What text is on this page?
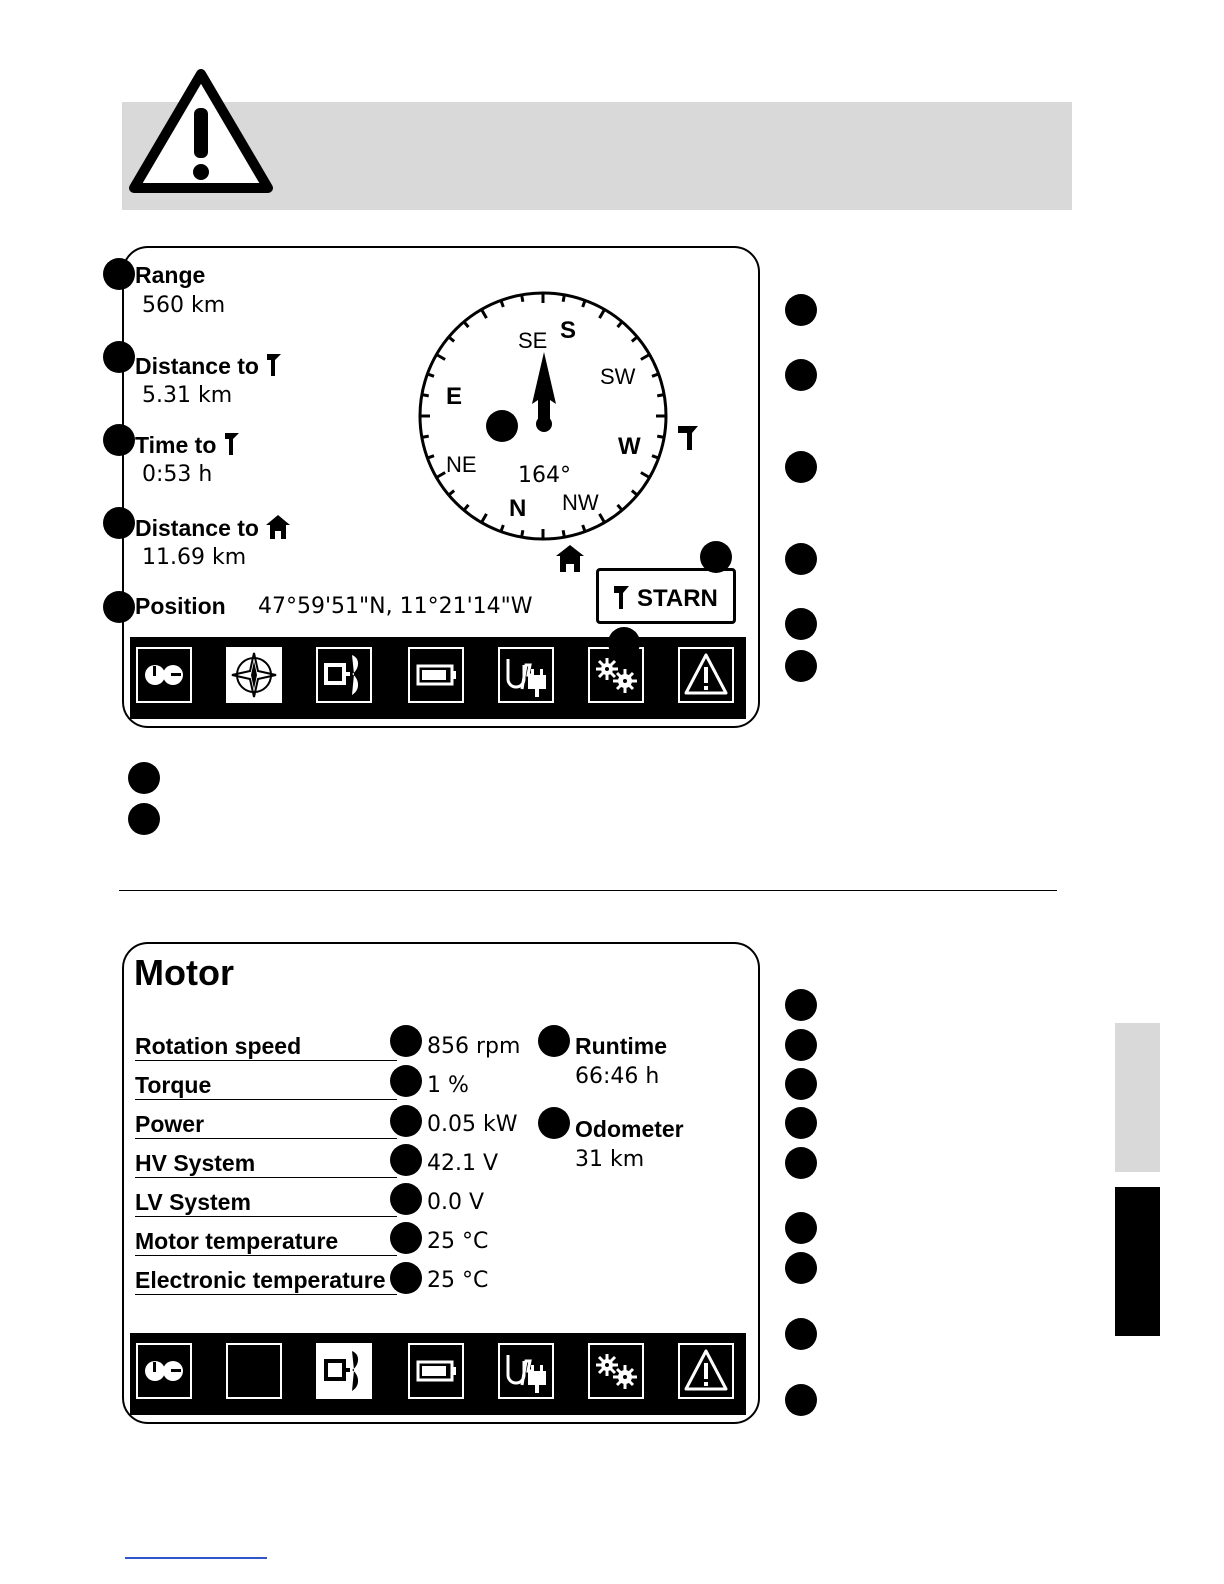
Range
560 km
Distance to
5.31 km
Time to
0:53 h
Distance to
11.69 km
Position 47°59'51"N, 11°21'14"W
SE S
SW
E
W
NE
NW
N
164°
STARN
Motor
Rotation speed	856 rpm
Torque	1 %
Power	0.05 kW
HV System	42.1 V
LV System	0.0 V
Motor temperature	25 °C
Electronic temperature	25 °C
Runtime
66:46 h
Odometer
31 km
